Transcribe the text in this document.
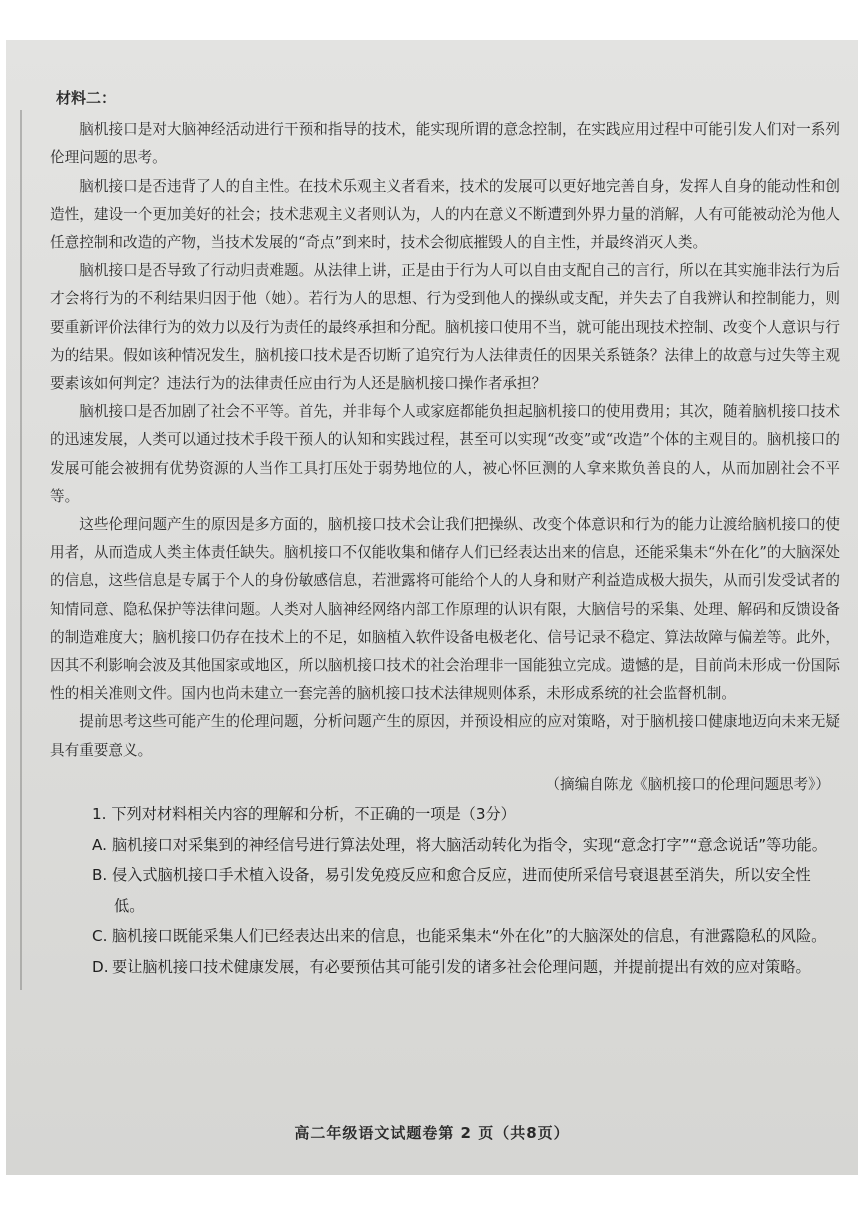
材料二：

脑机接口是对大脑神经活动进行干预和指导的技术，能实现所谓的意念控制，在实践应用过程中可能引发人们对一系列伦理问题的思考。

脑机接口是否违背了人的自主性。在技术乐观主义者看来，技术的发展可以更好地完善自身，发挥人自身的能动性和创造性，建设一个更加美好的社会；技术悲观主义者则认为，人的内在意义不断遭到外界力量的消解，人有可能被动沦为他人任意控制和改造的产物，当技术发展的“奇点”到来时，技术会彻底摧毁人的自主性，并最终消灭人类。

脑机接口是否导致了行动归责难题。从法律上讲，正是由于行为人可以自由支配自己的言行，所以在其实施非法行为后才会将行为的不利结果归因于他（她）。若行为人的思想、行为受到他人的操纵或支配，并失去了自我辨认和控制能力，则要重新评价法律行为的效力以及行为责任的最终承担和分配。脑机接口使用不当，就可能出现技术控制、改变个人意识与行为的结果。假如该种情况发生，脑机接口技术是否切断了追究行为人法律责任的因果关系链条？法律上的故意与过失等主观要素该如何判定？违法行为的法律责任应由行为人还是脑机接口操作者承担？

脑机接口是否加剧了社会不平等。首先，并非每个人或家庭都能负担起脑机接口的使用费用；其次，随着脑机接口技术的迅速发展，人类可以通过技术手段干预人的认知和实践过程，甚至可以实现“改变”或“改造”个体的主观目的。脑机接口的发展可能会被拥有优势资源的人当作工具打压处于弱势地位的人，被心怀叵测的人拿来欺负善良的人，从而加剧社会不平等。

这些伦理问题产生的原因是多方面的，脑机接口技术会让我们把操纵、改变个体意识和行为的能力让渡给脑机接口的使用者，从而造成人类主体责任缺失。脑机接口不仅能收集和储存人们已经表达出来的信息，还能采集未“外在化”的大脑深处的信息，这些信息是专属于个人的身份敏感信息，若泄露将可能给个人的人身和财产利益造成极大损失，从而引发受试者的知情同意、隐私保护等法律问题。人类对人脑神经网络内部工作原理的认识有限，大脑信号的采集、处理、解码和反馈设备的制造难度大；脑机接口仍存在技术上的不足，如脑植入软件设备电极老化、信号记录不稳定、算法故障与偏差等。此外，因其不利影响会波及其他国家或地区，所以脑机接口技术的社会治理非一国能独立完成。遗憾的是，目前尚未形成一份国际性的相关准则文件。国内也尚未建立一套完善的脑机接口技术法律规则体系，未形成系统的社会监督机制。

提前思考这些可能产生的伦理问题，分析问题产生的原因，并预设相应的应对策略，对于脑机接口健康地迈向未来无疑具有重要意义。

（摘编自陈龙《脑机接口的伦理问题思考》）

1. 下列对材料相关内容的理解和分析，不正确的一项是（3分）

A. 脑机接口对采集到的神经信号进行算法处理，将大脑活动转化为指令，实现“意念打字”“意念说话”等功能。

B. 侵入式脑机接口手术植入设备，易引发免疫反应和愈合反应，进而使所采信号衰退甚至消失，所以安全性低。

C. 脑机接口既能采集人们已经表达出来的信息，也能采集未“外在化”的大脑深处的信息，有泄露隐私的风险。

D. 要让脑机接口技术健康发展，有必要预估其可能引发的诸多社会伦理问题，并提前提出有效的应对策略。

高二年级语文试题卷第 2 页（共8页）
